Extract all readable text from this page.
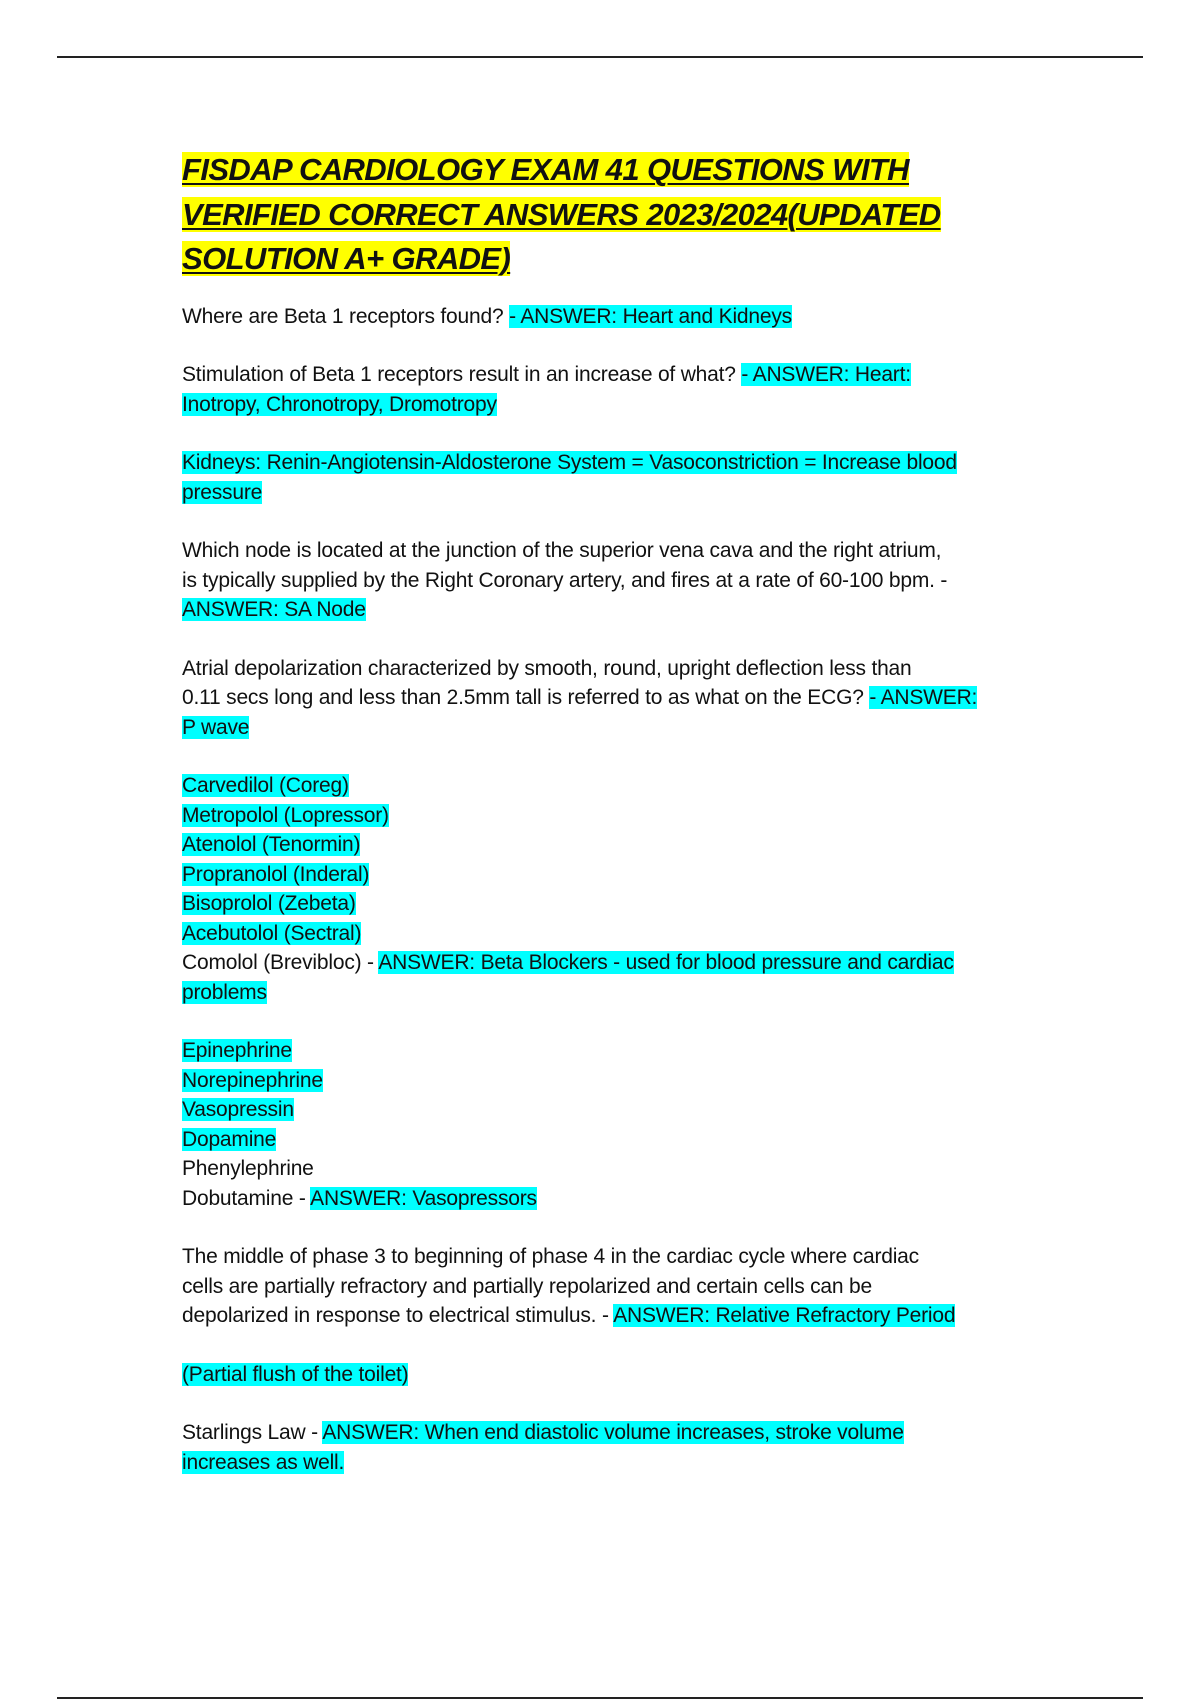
FISDAP CARDIOLOGY EXAM 41 QUESTIONS WITH
VERIFIED CORRECT ANSWERS 2023/2024(UPDATED
SOLUTION A+ GRADE)

Where are Beta 1 receptors found? - ANSWER: Heart and Kidneys

Stimulation of Beta 1 receptors result in an increase of what? - ANSWER: Heart:
Inotropy, Chronotropy, Dromotropy

Kidneys: Renin-Angiotensin-Aldosterone System = Vasoconstriction = Increase blood
pressure

Which node is located at the junction of the superior vena cava and the right atrium,
is typically supplied by the Right Coronary artery, and fires at a rate of 60-100 bpm. -
ANSWER: SA Node

Atrial depolarization characterized by smooth, round, upright deflection less than
0.11 secs long and less than 2.5mm tall is referred to as what on the ECG? - ANSWER:
P wave

Carvedilol (Coreg)
Metropolol (Lopressor)
Atenolol (Tenormin)
Propranolol (Inderal)
Bisoprolol (Zebeta)
Acebutolol (Sectral)
Comolol (Brevibloc) - ANSWER: Beta Blockers - used for blood pressure and cardiac
problems

Epinephrine
Norepinephrine
Vasopressin
Dopamine
Phenylephrine
Dobutamine - ANSWER: Vasopressors

The middle of phase 3 to beginning of phase 4 in the cardiac cycle where cardiac
cells are partially refractory and partially repolarized and certain cells can be
depolarized in response to electrical stimulus. - ANSWER: Relative Refractory Period

(Partial flush of the toilet)

Starlings Law - ANSWER: When end diastolic volume increases, stroke volume
increases as well.
